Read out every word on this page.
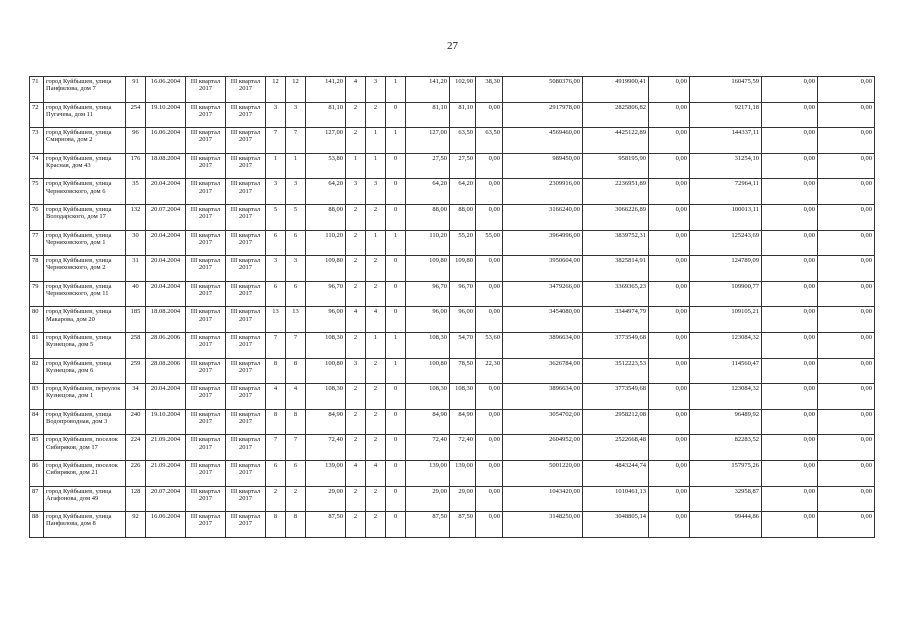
27
71	город Куйбышев, улица Панфилова, дом 7	91	16.06.2004	III квартал 2017	III квартал 2017	12	12	141,20	4	3	1	141,20	102,90	38,30	5080376,00	4919900,41	0,00	160475,59	0,00	0,00
72	город Куйбышев, улица Пугачева, дом 11	254	19.10.2004	III квартал 2017	III квартал 2017	3	3	81,10	2	2	0	81,10	81,10	0,00	2917978,00	2825806,82	0,00	92171,18	0,00	0,00
73	город Куйбышев, улица Смирнова, дом 2	96	16.06.2004	III квартал 2017	III квартал 2017	7	7	127,00	2	1	1	127,00	63,50	63,50	4569460,00	4425122,89	0,00	144337,11	0,00	0,00
74	город Куйбышев, улица Красная, дом 43	176	18.08.2004	III квартал 2017	III квартал 2017	1	1	53,80	1	1	0	27,50	27,50	0,00	989450,00	958195,90	0,00	31254,10	0,00	0,00
75	город Куйбышев, улица Черняховского, дом 6	35	20.04.2004	III квартал 2017	III квартал 2017	3	3	64,20	3	3	0	64,20	64,20	0,00	2309916,00	2236951,89	0,00	72964,11	0,00	0,00
76	город Куйбышев, улица Володарского, дом 17	132	20.07.2004	III квартал 2017	III квартал 2017	5	5	88,00	2	2	0	88,00	88,00	0,00	3166240,00	3066226,89	0,00	100013,11	0,00	0,00
77	город Куйбышев, улица Черняховского, дом 1	30	20.04.2004	III квартал 2017	III квартал 2017	6	6	110,20	2	1	1	110,20	55,20	55,00	3964996,00	3839752,31	0,00	125243,69	0,00	0,00
78	город Куйбышев, улица Черняховского, дом 2	31	20.04.2004	III квартал 2017	III квартал 2017	3	3	109,80	2	2	0	109,80	109,80	0,00	3950604,00	3825814,91	0,00	124789,09	0,00	0,00
79	город Куйбышев, улица Черняховского, дом 11	40	20.04.2004	III квартал 2017	III квартал 2017	6	6	96,70	2	2	0	96,70	96,70	0,00	3479266,00	3369365,23	0,00	109900,77	0,00	0,00
80	город Куйбышев, улица Макарова, дом 20	185	18.08.2004	III квартал 2017	III квартал 2017	13	13	96,00	4	4	0	96,00	96,00	0,00	3454080,00	3344974,79	0,00	109105,21	0,00	0,00
81	город Куйбышев, улица Кузнецова, дом 5	258	28.06.2006	III квартал 2017	III квартал 2017	7	7	108,30	2	1	1	108,30	54,70	53,60	3896634,00	3773549,68	0,00	123084,32	0,00	0,00
82	город Куйбышев, улица Кузнецова, дом 6	259	28.08.2006	III квартал 2017	III квартал 2017	8	8	100,80	3	2	1	100,80	78,50	22,30	3626784,00	3512223,53	0,00	114560,47	0,00	0,00
83	город Куйбышев, переулок Кузнецова, дом 1	34	20.04.2004	III квартал 2017	III квартал 2017	4	4	108,30	2	2	0	108,30	108,30	0,00	3896634,00	3773549,68	0,00	123084,32	0,00	0,00
84	город Куйбышев, улица Водопроводная, дом 3	240	19.10.2004	III квартал 2017	III квартал 2017	8	8	84,90	2	2	0	84,90	84,90	0,00	3054702,00	2958212,08	0,00	96489,92	0,00	0,00
85	город Куйбышев, поселок Сибиряков, дом 17	224	21.09.2004	III квартал 2017	III квартал 2017	7	7	72,40	2	2	0	72,40	72,40	0,00	2604952,00	2522668,48	0,00	82283,52	0,00	0,00
86	город Куйбышев, поселок Сибиряков, дом 21	226	21.09.2004	III квартал 2017	III квартал 2017	6	6	139,00	4	4	0	139,00	139,00	0,00	5001220,00	4843244,74	0,00	157975,26	0,00	0,00
87	город Куйбышев, улица Агафонова, дом 49	128	20.07.2004	III квартал 2017	III квартал 2017	2	2	29,00	2	2	0	29,00	29,00	0,00	1043420,00	1010461,13	0,00	32958,87	0,00	0,00
88	город Куйбышев, улица Панфилова, дом 8	92	16.06.2004	III квартал 2017	III квартал 2017	8	8	87,50	2	2	0	87,50	87,50	0,00	3148250,00	3048805,14	0,00	99444,86	0,00	0,00
